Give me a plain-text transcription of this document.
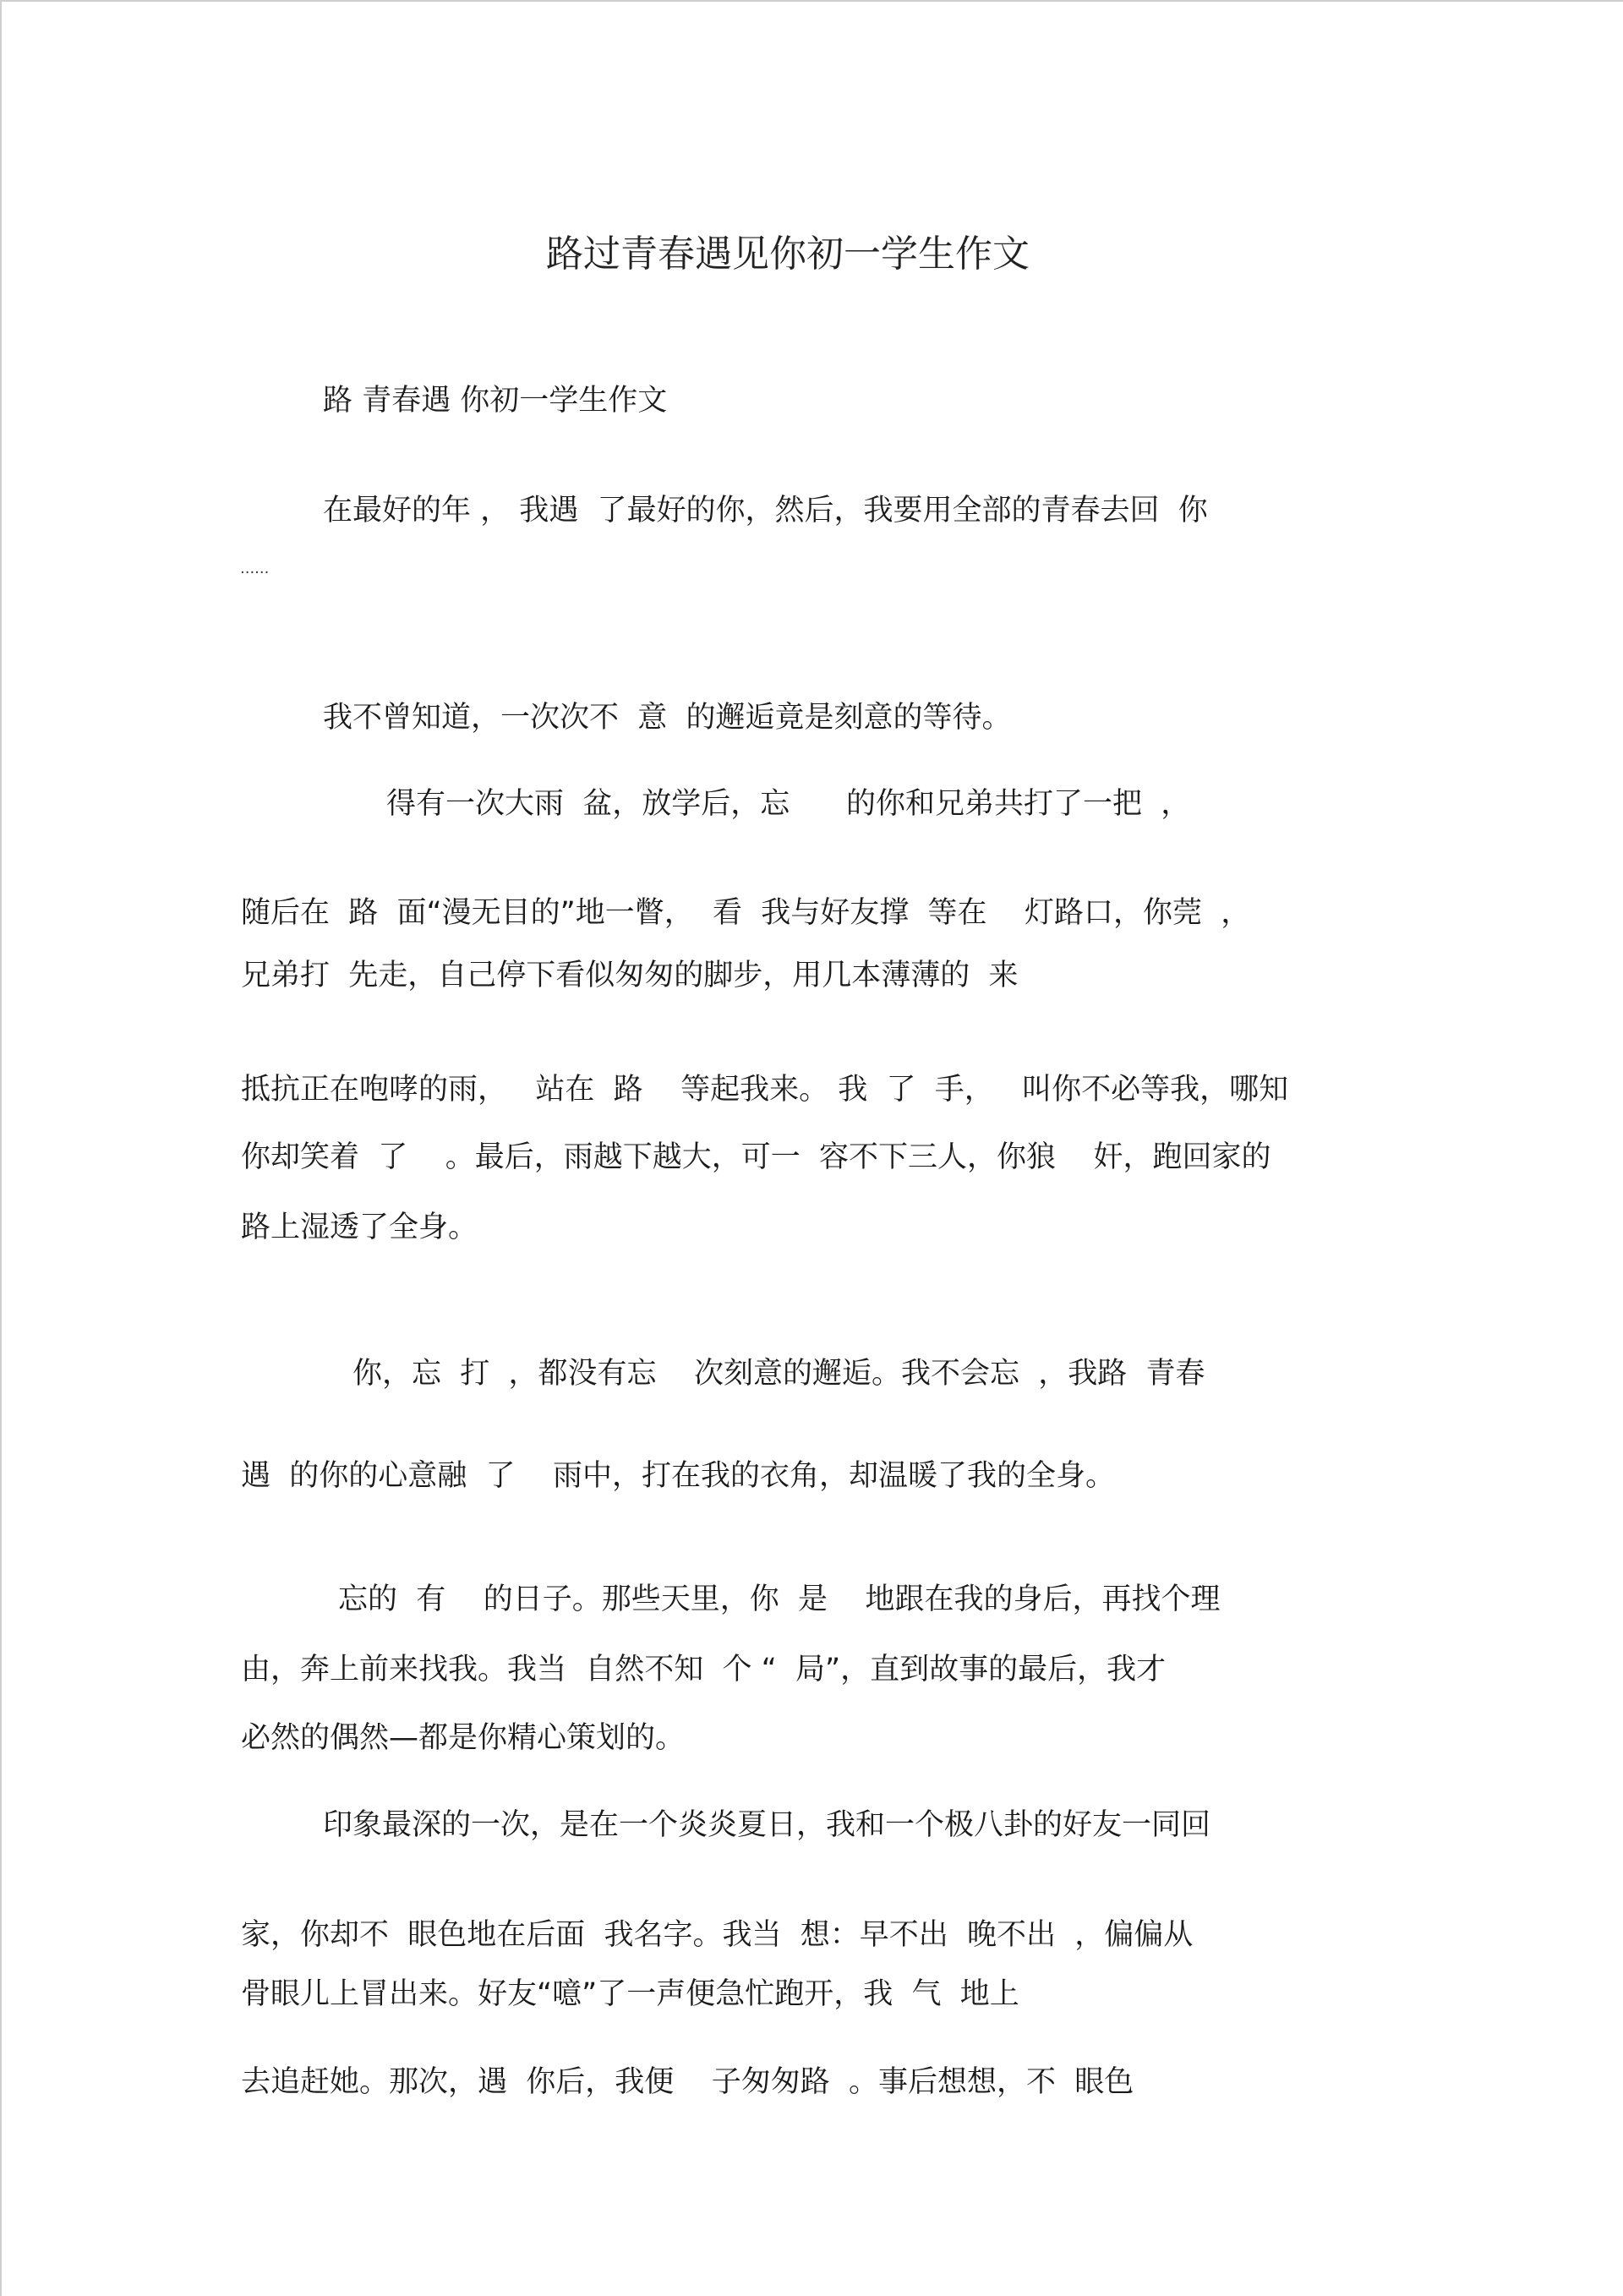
路过青春遇见你初一学生作文
路 青春遇 你初一学生作文
在最好的年 ， 我遇  了最好的你，然后，我要用全部的青春去回  你
......
我不曾知道，一次次不  意  的邂逅竟是刻意的等待。
得有一次大雨  盆，放学后，忘      的你和兄弟共打了一把  ，
随后在  路  面“漫无目的”地一瞥，  看  我与好友撑  等在    灯路口，你莞  ，
兄弟打  先走，自己停下看似匆匆的脚步，用几本薄薄的  来
抵抗正在咆哮的雨，   站在  路    等起我来。 我  了  手，   叫你不必等我，哪知
你却笑着  了    。最后，雨越下越大，可一  容不下三人，你狼    奸，跑回家的
路上湿透了全身。
你，忘  打  ，都没有忘    次刻意的邂逅。我不会忘  ，我路  青春
遇  的你的心意融  了    雨中，打在我的衣角，却温暖了我的全身。
忘的  有    的日子。那些天里，你  是    地跟在我的身后，再找个理
由，奔上前来找我。我当  自然不知  个 “  局”，直到故事的最后，我才
必然的偶然—都是你精心策划的。
印象最深的一次，是在一个炎炎夏日，我和一个极八卦的好友一同回
家，你却不  眼色地在后面  我名字。我当  想：早不出  晚不出  ，偏偏从
骨眼儿上冒出来。好友“噫”了一声便急忙跑开，我  气  地上
去追赶她。那次，遇  你后，我便    子匆匆路  。事后想想，不  眼色
